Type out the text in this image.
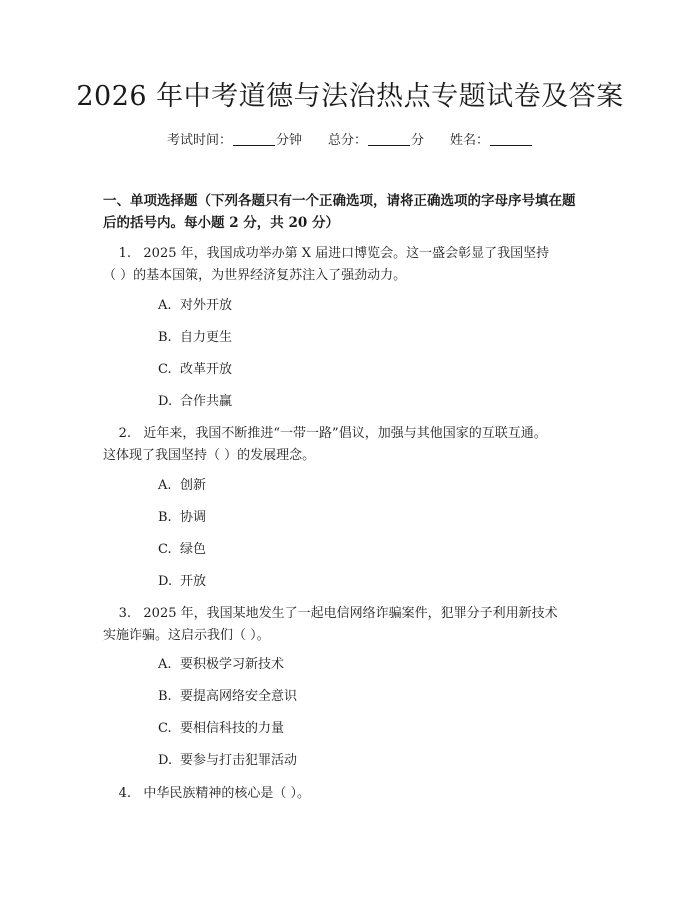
2026 年中考道德与法治热点专题试卷及答案
考试时间：	分钟 总分：	分 姓名：
一、单项选择题（下列各题只有一个正确选项，请将正确选项的字母序号填在题
后的括号内。每小题 2 分，共 20 分）
1. 2025 年，我国成功举办第 X 届进口博览会。这一盛会彰显了我国坚持
（ ）的基本国策，为世界经济复苏注入了强劲动力。
A. 对外开放
B. 自力更生
C. 改革开放
D. 合作共赢
2. 近年来，我国不断推进“一带一路”倡议，加强与其他国家的互联互通。
这体现了我国坚持（ ）的发展理念。
A. 创新
B. 协调
C. 绿色
D. 开放
3. 2025 年，我国某地发生了一起电信网络诈骗案件，犯罪分子利用新技术
实施诈骗。这启示我们（ ）。
A. 要积极学习新技术
B. 要提高网络安全意识
C. 要相信科技的力量
D. 要参与打击犯罪活动
4. 中华民族精神的核心是（ ）。
